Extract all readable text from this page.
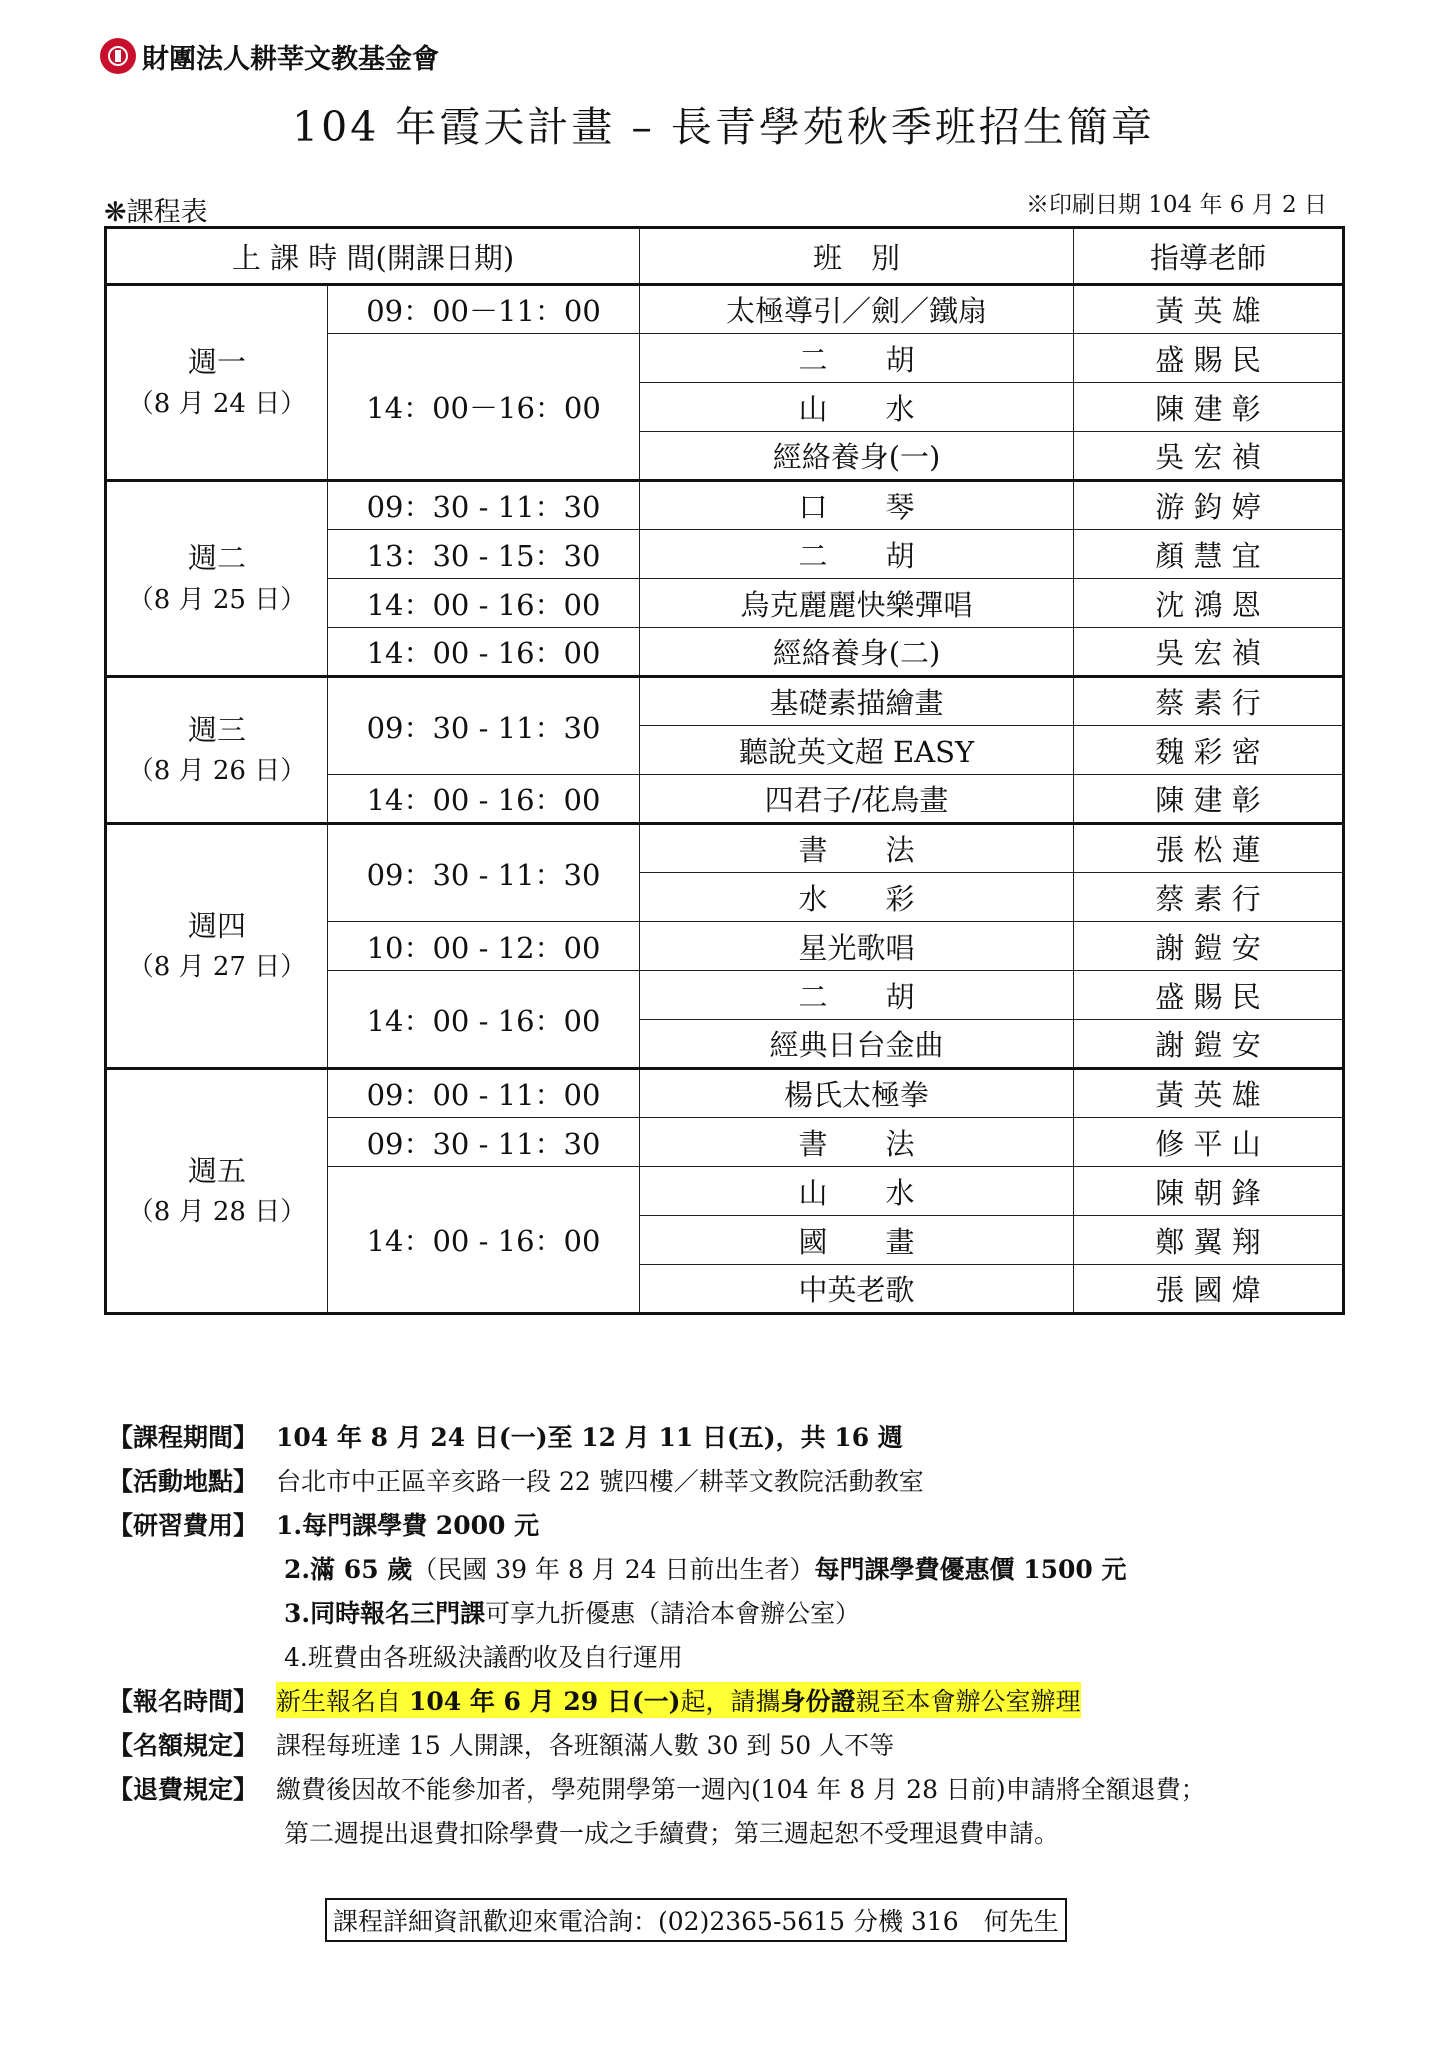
財團法人耕莘文教基金會
104 年霞天計畫 – 長青學苑秋季班招生簡章
❋課程表	※印刷日期 104 年 6 月 2 日
上 課 時 間(開課日期)		班　別	指導老師

週一
（8 月 24 日）	09：00－11：00	太極導引／劍／鐵扇	黃 英 雄
	14：00－16：00	二　　胡	盛 賜 民
		山　　水	陳 建 彰
		經絡養身(一)	吳 宏 禎

週二
（8 月 25 日）	09：30 - 11：30	口　　琴	游 鈞 婷
	13：30 - 15：30	二　　胡	顏 慧 宜
	14：00 - 16：00	烏克麗麗快樂彈唱	沈 鴻 恩
	14：00 - 16：00	經絡養身(二)	吳 宏 禎

週三
（8 月 26 日）	09：30 - 11：30	基礎素描繪畫	蔡 素 行
		聽說英文超 EASY	魏 彩 密
	14：00 - 16：00	四君子/花鳥畫	陳 建 彰

週四
（8 月 27 日）	09：30 - 11：30	書　　法	張 松 蓮
		水　　彩	蔡 素 行
	10：00 - 12：00	星光歌唱	謝 鎧 安
	14：00 - 16：00	二　　胡	盛 賜 民
		經典日台金曲	謝 鎧 安

週五
（8 月 28 日）	09：00 - 11：00	楊氏太極拳	黃 英 雄
	09：30 - 11：30	書　　法	修 平 山
	14：00 - 16：00	山　　水	陳 朝 鋒
		國　　畫	鄭 翼 翔
		中英老歌	張 國 煒
【課程期間】 104 年 8 月 24 日(一)至 12 月 11 日(五)，共 16 週
【活動地點】 台北市中正區辛亥路一段 22 號四樓／耕莘文教院活動教室
【研習費用】 1.每門課學費 2000 元
2.滿 65 歲 （民國 39 年 8 月 24 日前出生者） 每門課學費優惠價 1500 元
3.同時報名三門課 可享九折優惠（請洽本會辦公室）
4.班費由各班級決議酌收及自行運用
【報名時間】 新生報名自 104 年 6 月 29 日(一)起，請攜身份證親至本會辦公室辦理
【名額規定】 課程每班達 15 人開課，各班額滿人數 30 到 50 人不等
【退費規定】 繳費後因故不能參加者，學苑開學第一週內(104 年 8 月 28 日前)申請將全額退費；
第二週提出退費扣除學費一成之手續費；第三週起恕不受理退費申請。
課程詳細資訊歡迎來電洽詢：(02)2365-5615 分機 316　何先生
